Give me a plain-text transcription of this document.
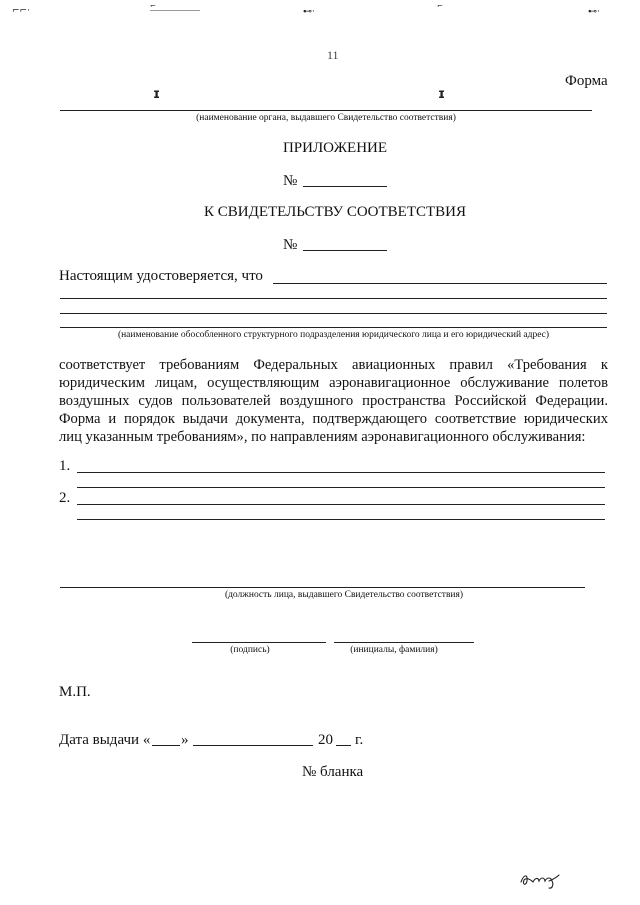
⌐⌐·	⌐
⊷·
⌐
⊷·
11
Форма
ɪ	ɪ
(наименование органа, выдавшего Свидетельство соответствия)
ПРИЛОЖЕНИЕ
№
К СВИДЕТЕЛЬСТВУ СООТВЕТСТВИЯ
№
Настоящим удостоверяется, что
(наименование обособленного структурного подразделения юридического лица и его юридический адрес)
соответствует требованиям Федеральных авиационных правил «Требования к
юридическим лицам, осуществляющим аэронавигационное обслуживание полетов
воздушных судов пользователей воздушного пространства Российской Федерации.
Форма и порядок выдачи документа, подтверждающего соответствие юридических
лиц указанным требованиям», по направлениям аэронавигационного обслуживания:
1.
2.
(должность лица, выдавшего Свидетельство соответствия)
(подпись)	(инициалы, фамилия)
М.П.
Дата выдачи « »	20 г.
№ бланка
